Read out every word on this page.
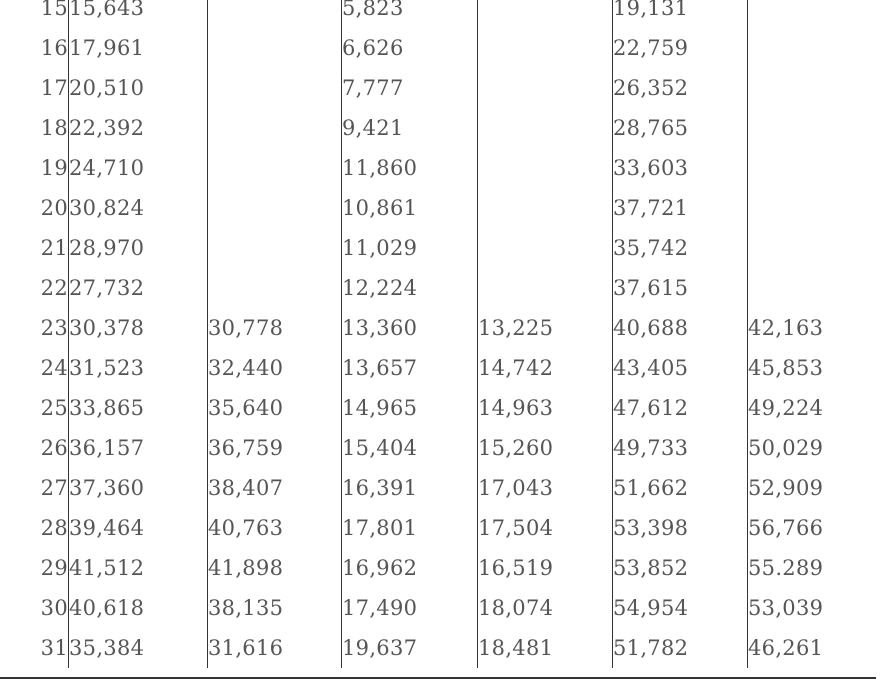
15	15,643		5,823		19,131	
16	17,961		6,626		22,759	
17	20,510		7,777		26,352	
18	22,392		9,421		28,765	
19	24,710		11,860		33,603	
20	30,824		10,861		37,721	
21	28,970		11,029		35,742	
22	27,732		12,224		37,615	
23	30,378	30,778	13,360	13,225	40,688	42,163
24	31,523	32,440	13,657	14,742	43,405	45,853
25	33,865	35,640	14,965	14,963	47,612	49,224
26	36,157	36,759	15,404	15,260	49,733	50,029
27	37,360	38,407	16,391	17,043	51,662	52,909
28	39,464	40,763	17,801	17,504	53,398	56,766
29	41,512	41,898	16,962	16,519	53,852	55.289
30	40,618	38,135	17,490	18,074	54,954	53,039
31	35,384	31,616	19,637	18,481	51,782	46,261
